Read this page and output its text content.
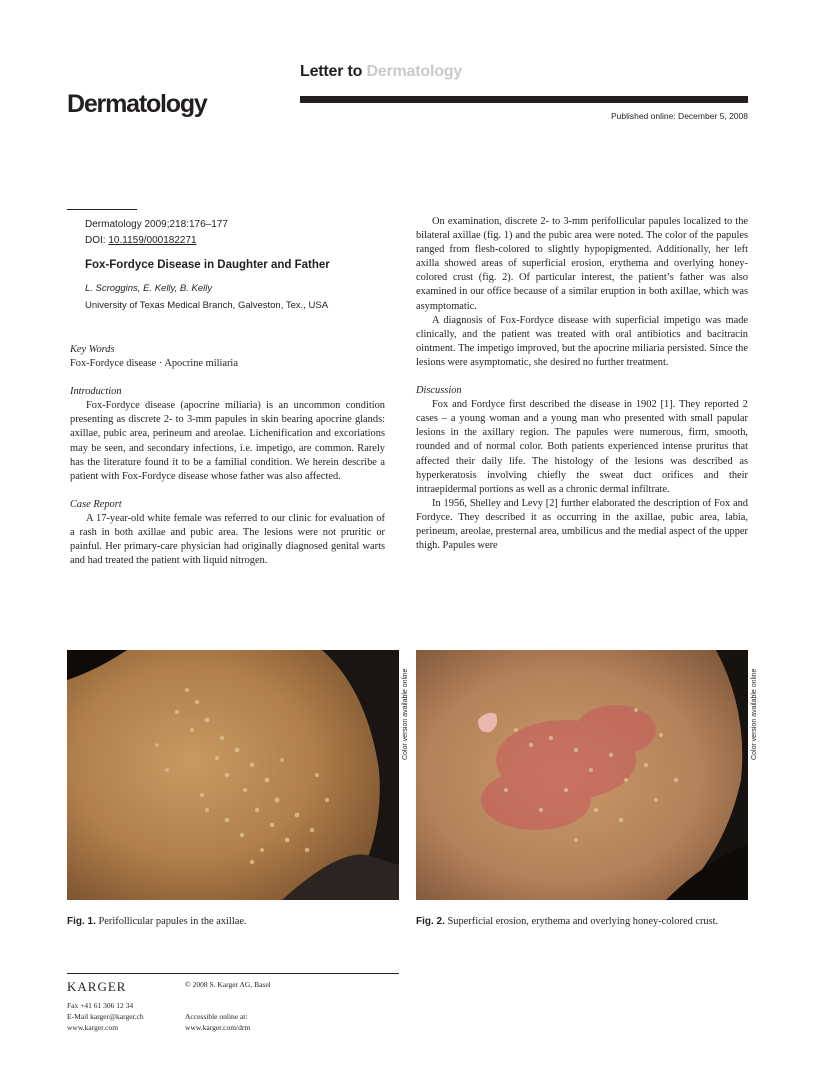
Letter to Dermatology
Dermatology	Published online: December 5, 2008
Dermatology 2009;218:176–177
DOI: 10.1159/000182271
Fox-Fordyce Disease in Daughter and Father
L. Scroggins, E. Kelly, B. Kelly
University of Texas Medical Branch, Galveston, Tex., USA
Key Words

Fox-Fordyce disease · Apocrine miliaria

Introduction

Fox-Fordyce disease (apocrine miliaria) is an uncommon condition presenting as discrete 2- to 3-mm papules in skin bearing apocrine glands: axillae, pubic area, perineum and areolae. Lichenification and excoriations may be seen, and secondary infections, i.e. impetigo, are common. Rarely has the literature found it to be a familial condition. We herein describe a patient with Fox-Fordyce disease whose father was also affected.

Case Report

A 17-year-old white female was referred to our clinic for evaluation of a rash in both axillae and pubic area. The lesions were not pruritic or painful. Her primary-care physician had originally diagnosed genital warts and had treated the patient with liquid nitrogen.

On examination, discrete 2- to 3-mm perifollicular papules localized to the bilateral axillae (fig. 1) and the pubic area were noted. The color of the papules ranged from flesh-colored to slightly hypopigmented. Additionally, her left axilla showed areas of superficial erosion, erythema and overlying honey-colored crust (fig. 2). Of particular interest, the patient’s father was also examined in our office because of a similar eruption in both axillae, which was asymptomatic.

A diagnosis of Fox-Fordyce disease with superficial impetigo was made clinically, and the patient was treated with oral antibiotics and bacitracin ointment. The impetigo improved, but the apocrine miliaria persisted. Since the lesions were asymptomatic, she desired no further treatment.

Discussion

Fox and Fordyce first described the disease in 1902 [1]. They reported 2 cases – a young woman and a young man who presented with small papular lesions in the axillary region. The papules were numerous, firm, smooth, rounded and of normal color. Both patients experienced intense pruritus that affected their daily life. The histology of the lesions was described as hyperkeratosis involving chiefly the sweat duct orifices and their intraepidermal portions as well as a chronic dermal infiltrate.

In 1956, Shelley and Levy [2] further elaborated the description of Fox and Fordyce. They described it as occurring in the axillae, pubic area, labia, perineum, areolae, presternal area, umbilicus and the medial aspect of the upper thigh. Papules were

Color version available online	Color version available online
Fig. 1. Perifollicular papules in the axillae.	Fig. 2. Superficial erosion, erythema and overlying honey-colored crust.
KARGER	© 2008 S. Karger AG, Basel
Fax +41 61 306 12 34
E-Mail karger@karger.ch
www.karger.com
Accessible online at:
www.karger.com/drm
